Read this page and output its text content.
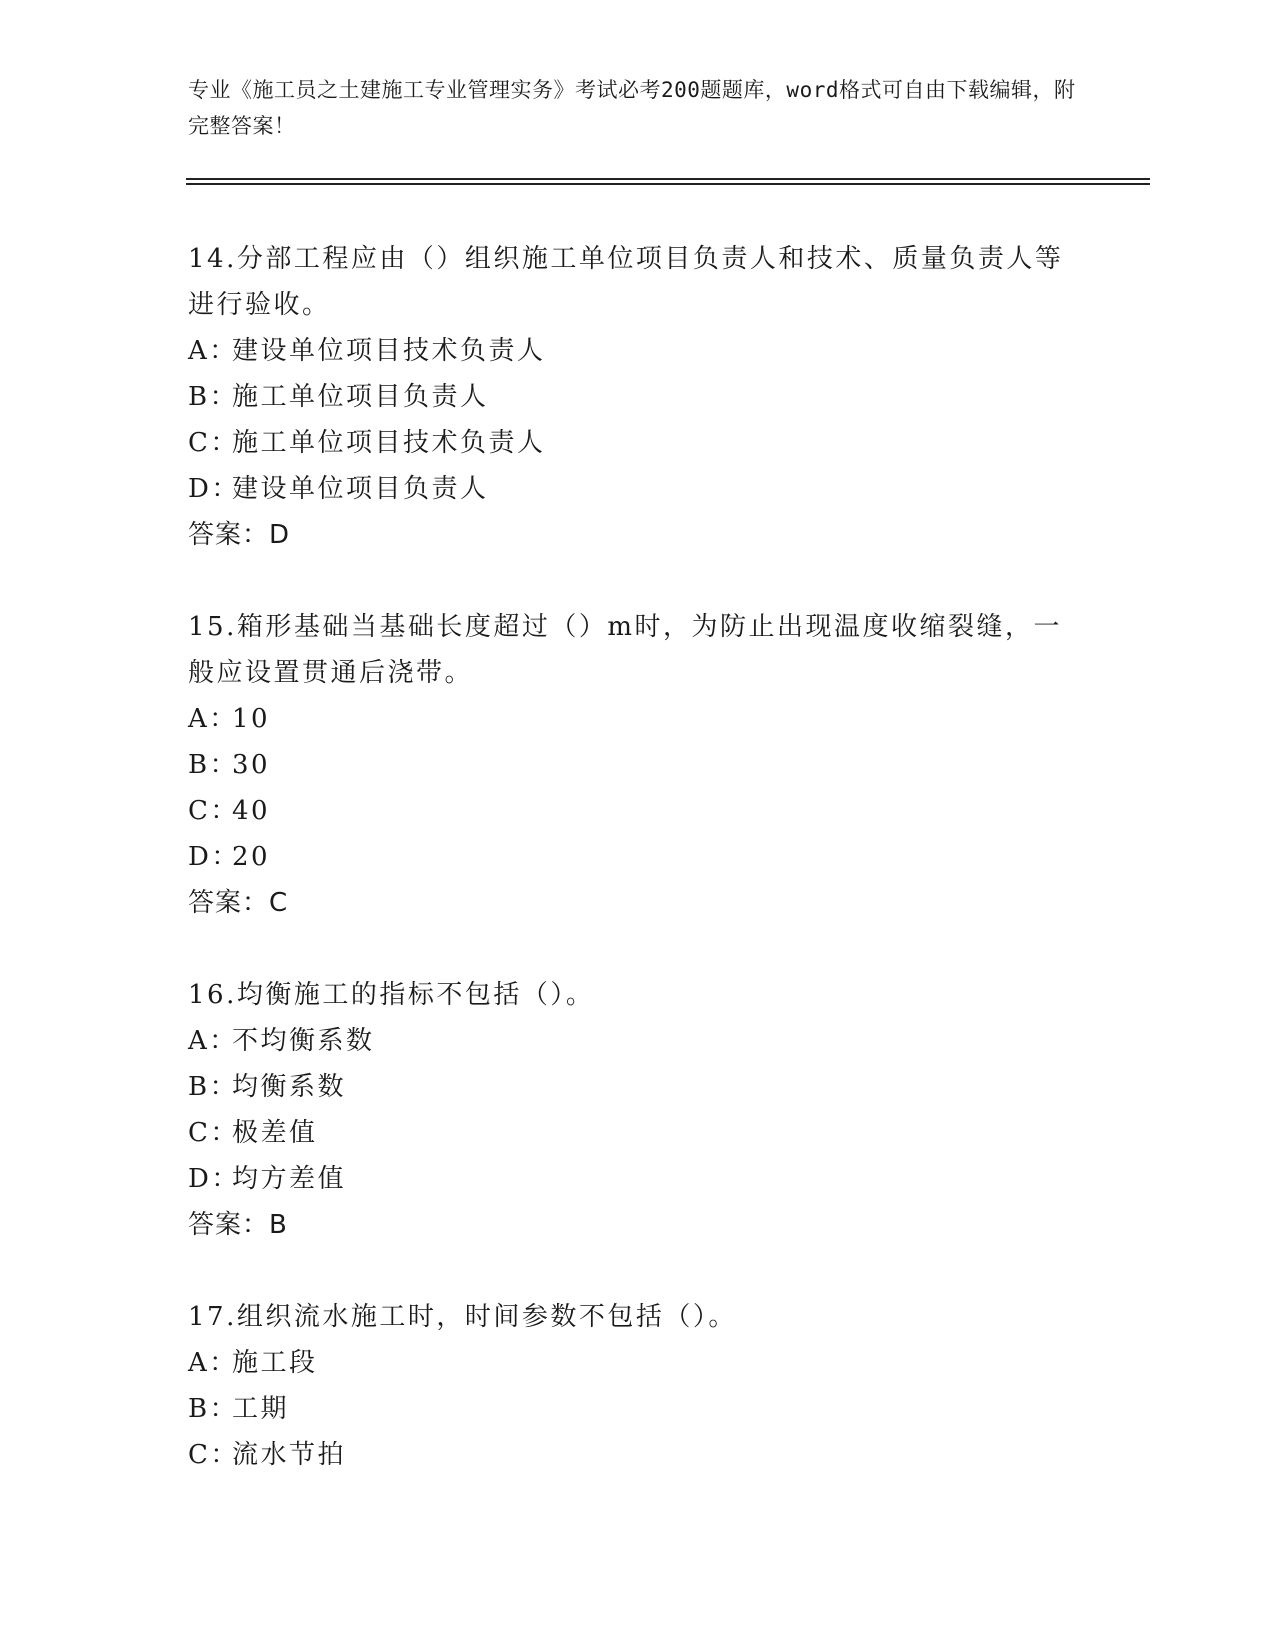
专业《施工员之土建施工专业管理实务》考试必考200题题库，word格式可自由下载编辑，附完整答案！

14.分部工程应由（）组织施工单位项目负责人和技术、质量负责人等进行验收。

A：建设单位项目技术负责人
B：施工单位项目负责人
C：施工单位项目技术负责人
D：建设单位项目负责人
答案：D

15.箱形基础当基础长度超过（）m时，为防止出现温度收缩裂缝，一般应设置贯通后浇带。

A：10
B：30
C：40
D：20
答案：C

16.均衡施工的指标不包括（）。

A：不均衡系数
B：均衡系数
C：极差值
D：均方差值
答案：B

17.组织流水施工时，时间参数不包括（）。

A：施工段
B：工期
C：流水节拍
